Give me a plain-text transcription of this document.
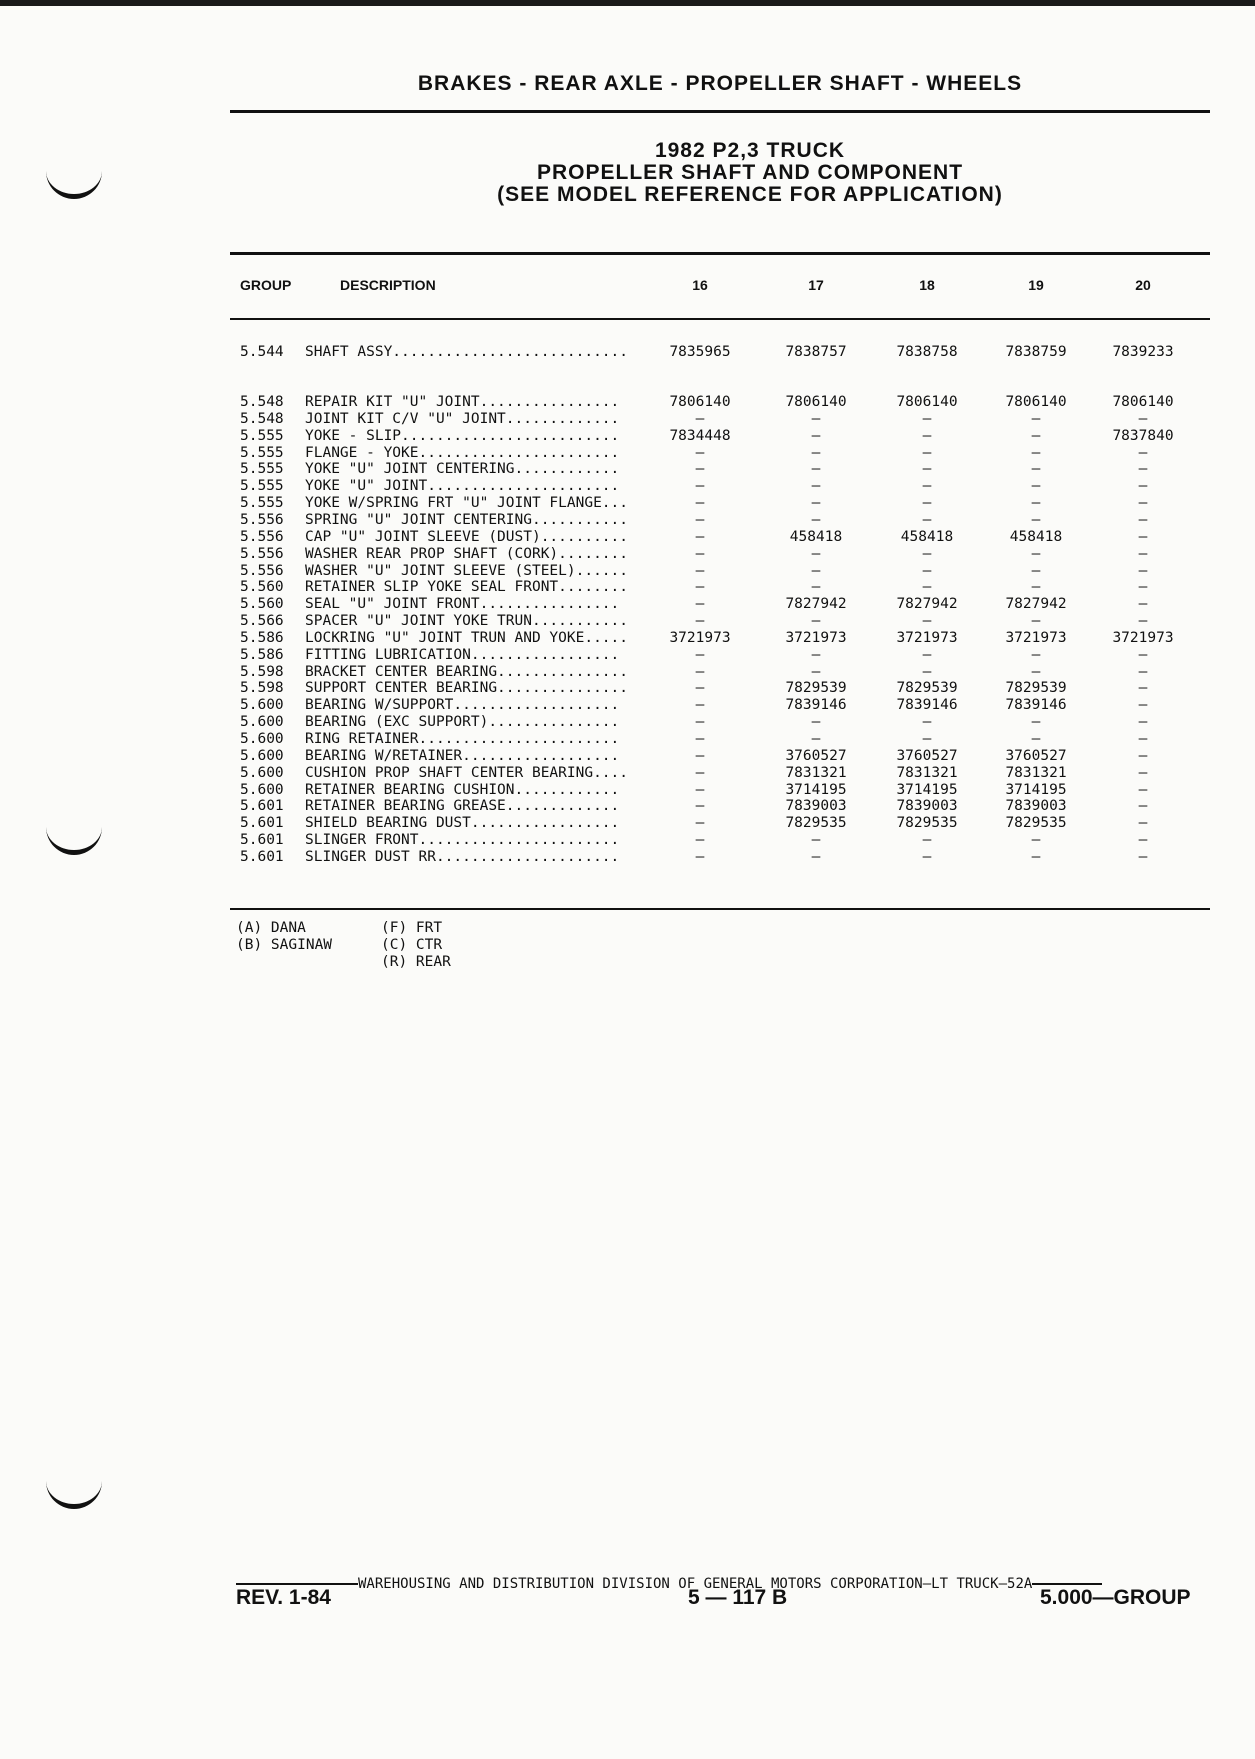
BRAKES - REAR AXLE - PROPELLER SHAFT - WHEELS
1982 P2,3 TRUCK
PROPELLER SHAFT AND COMPONENT
(SEE MODEL REFERENCE FOR APPLICATION)
GROUP	DESCRIPTION	16	17	18	19	20
5.544	SHAFT ASSY...........................	7835965	7838757	7838758	7838759	7839233
5.548	REPAIR KIT "U" JOINT................	7806140	7806140	7806140	7806140	7806140
5.548	JOINT KIT C/V "U" JOINT.............	—	—	—	—	—
5.555	YOKE - SLIP.........................	7834448	—	—	—	7837840
5.555	FLANGE - YOKE.......................	—	—	—	—	—
5.555	YOKE "U" JOINT CENTERING............	—	—	—	—	—
5.555	YOKE "U" JOINT......................	—	—	—	—	—
5.555	YOKE W/SPRING FRT "U" JOINT FLANGE...	—	—	—	—	—
5.556	SPRING "U" JOINT CENTERING...........	—	—	—	—	—
5.556	CAP "U" JOINT SLEEVE (DUST)..........	—	458418	458418	458418	—
5.556	WASHER REAR PROP SHAFT (CORK)........	—	—	—	—	—
5.556	WASHER "U" JOINT SLEEVE (STEEL)......	—	—	—	—	—
5.560	RETAINER SLIP YOKE SEAL FRONT........	—	—	—	—	—
5.560	SEAL "U" JOINT FRONT................	—	7827942	7827942	7827942	—
5.566	SPACER "U" JOINT YOKE TRUN...........	—	—	—	—	—
5.586	LOCKRING "U" JOINT TRUN AND YOKE.....	3721973	3721973	3721973	3721973	3721973
5.586	FITTING LUBRICATION.................	—	—	—	—	—
5.598	BRACKET CENTER BEARING...............	—	—	—	—	—
5.598	SUPPORT CENTER BEARING...............	—	7829539	7829539	7829539	—
5.600	BEARING W/SUPPORT...................	—	7839146	7839146	7839146	—
5.600	BEARING (EXC SUPPORT)...............	—	—	—	—	—
5.600	RING RETAINER.......................	—	—	—	—	—
5.600	BEARING W/RETAINER..................	—	3760527	3760527	3760527	—
5.600	CUSHION PROP SHAFT CENTER BEARING....	—	7831321	7831321	7831321	—
5.600	RETAINER BEARING CUSHION............	—	3714195	3714195	3714195	—
5.601	RETAINER BEARING GREASE.............	—	7839003	7839003	7839003	—
5.601	SHIELD BEARING DUST.................	—	7829535	7829535	7829535	—
5.601	SLINGER FRONT.......................	—	—	—	—	—
5.601	SLINGER DUST RR.....................	—	—	—	—	—
(A) DANA
(B) SAGINAW
(F) FRT
(C) CTR
(R) REAR
WAREHOUSING AND DISTRIBUTION DIVISION OF GENERAL MOTORS CORPORATION—LT TRUCK—52A
REV. 1-84	5 — 117 B	5.000—GROUP
